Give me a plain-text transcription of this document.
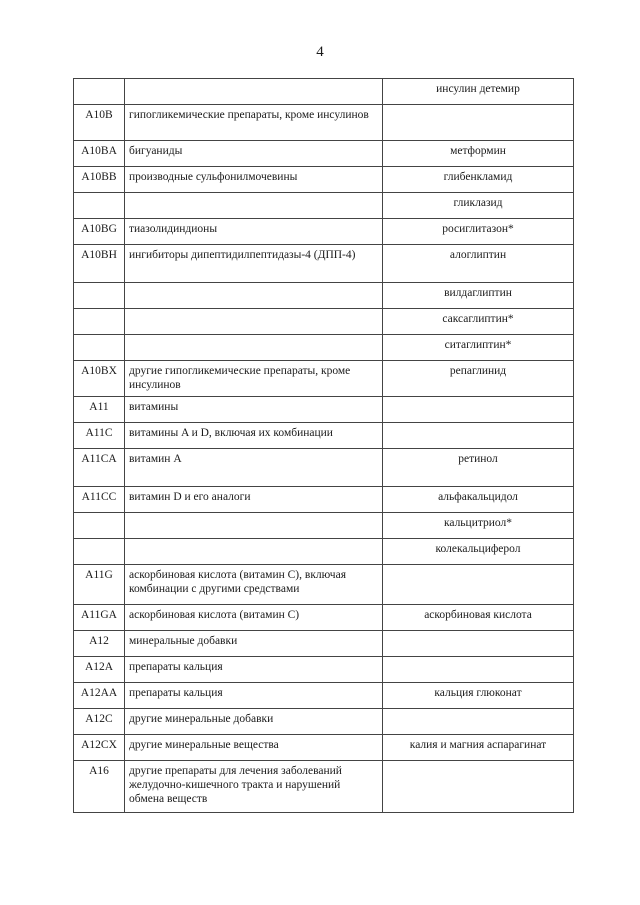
4
		инсулин детемир
A10B	гипогликемические препараты, кроме инсулинов	
A10BA	бигуаниды	метформин
A10BB	производные сульфонилмочевины	глибенкламид
		гликлазид
A10BG	тиазолидиндионы	росиглитазон*
A10BH	ингибиторы дипептидилпептидазы-4 (ДПП-4)	алоглиптин
		вилдаглиптин
		саксаглиптин*
		ситаглиптин*
A10BX	другие гипогликемические препараты, кроме инсулинов	репаглинид
A11	витамины	
A11C	витамины A и D, включая их комбинации	
A11CA	витамин A	ретинол
A11CC	витамин D и его аналоги	альфакальцидол
		кальцитриол*
		колекальциферол
A11G	аскорбиновая кислота (витамин C), включая комбинации с другими средствами	
A11GA	аскорбиновая кислота (витамин C)	аскорбиновая кислота
A12	минеральные добавки	
A12A	препараты кальция	
A12AA	препараты кальция	кальция глюконат
A12C	другие минеральные добавки	
A12CX	другие минеральные вещества	калия и магния аспарагинат
A16	другие препараты для лечения заболеваний желудочно-кишечного тракта и нарушений обмена веществ	
